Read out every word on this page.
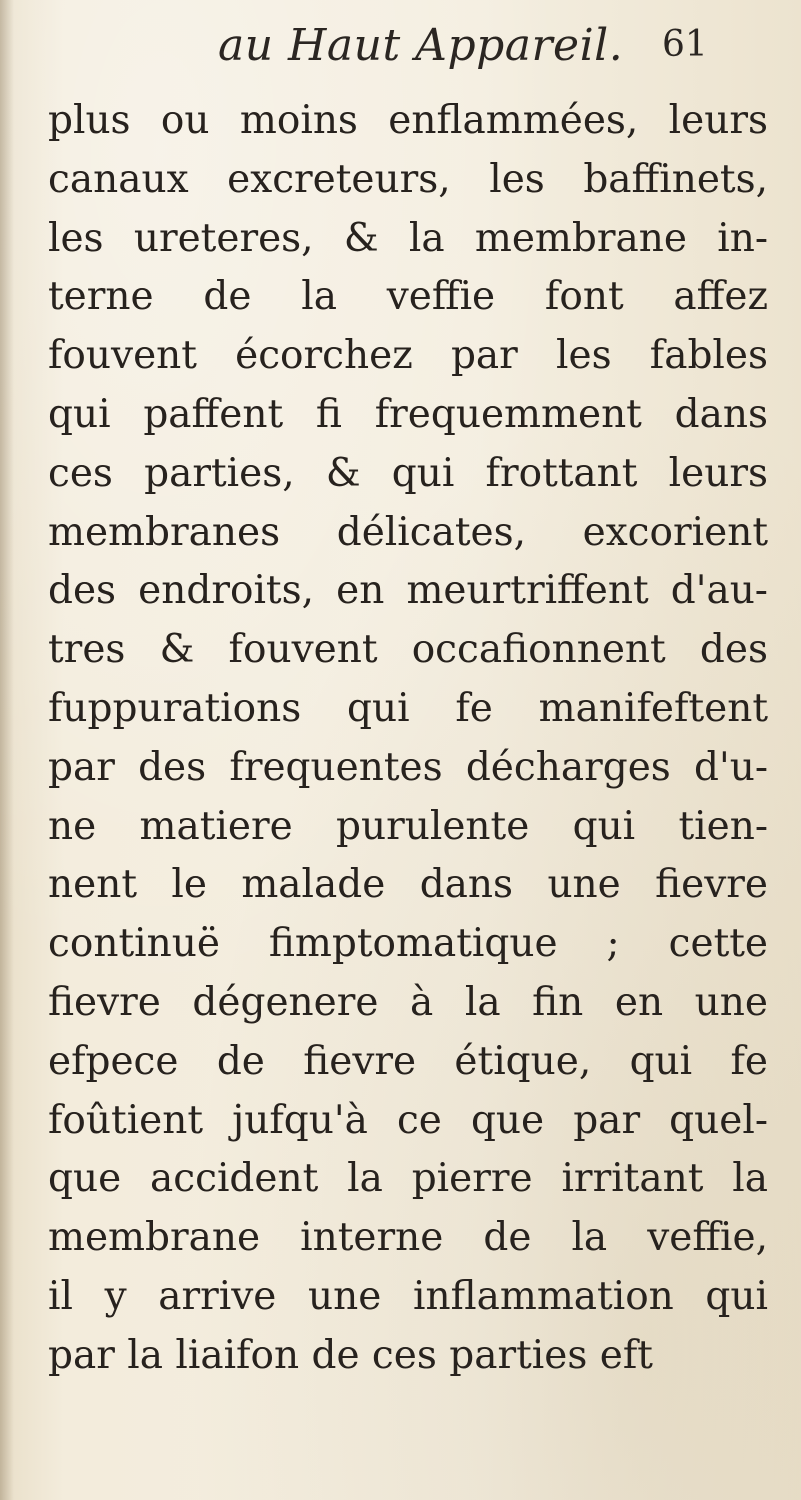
au Haut Appareil. 61
plus ou moins enflammées, leurs
canaux excreteurs, les baffinets,
les ureteres, & la membrane in-
terne de la veffie font affez
fouvent écorchez par les fables
qui paffent fi frequemment dans
ces parties, & qui frottant leurs
membranes délicates, excorient
des endroits, en meurtriffent d'au-
tres & fouvent occafionnent des
fuppurations qui fe manifeftent
par des frequentes décharges d'u-
ne matiere purulente qui tien-
nent le malade dans une fievre
continuë fimptomatique ; cette
fievre dégenere à la fin en une
efpece de fievre étique, qui fe
foûtient jufqu'à ce que par quel-
que accident la pierre irritant la
membrane interne de la veffie,
il y arrive une inflammation qui
par la liaifon de ces parties eft
